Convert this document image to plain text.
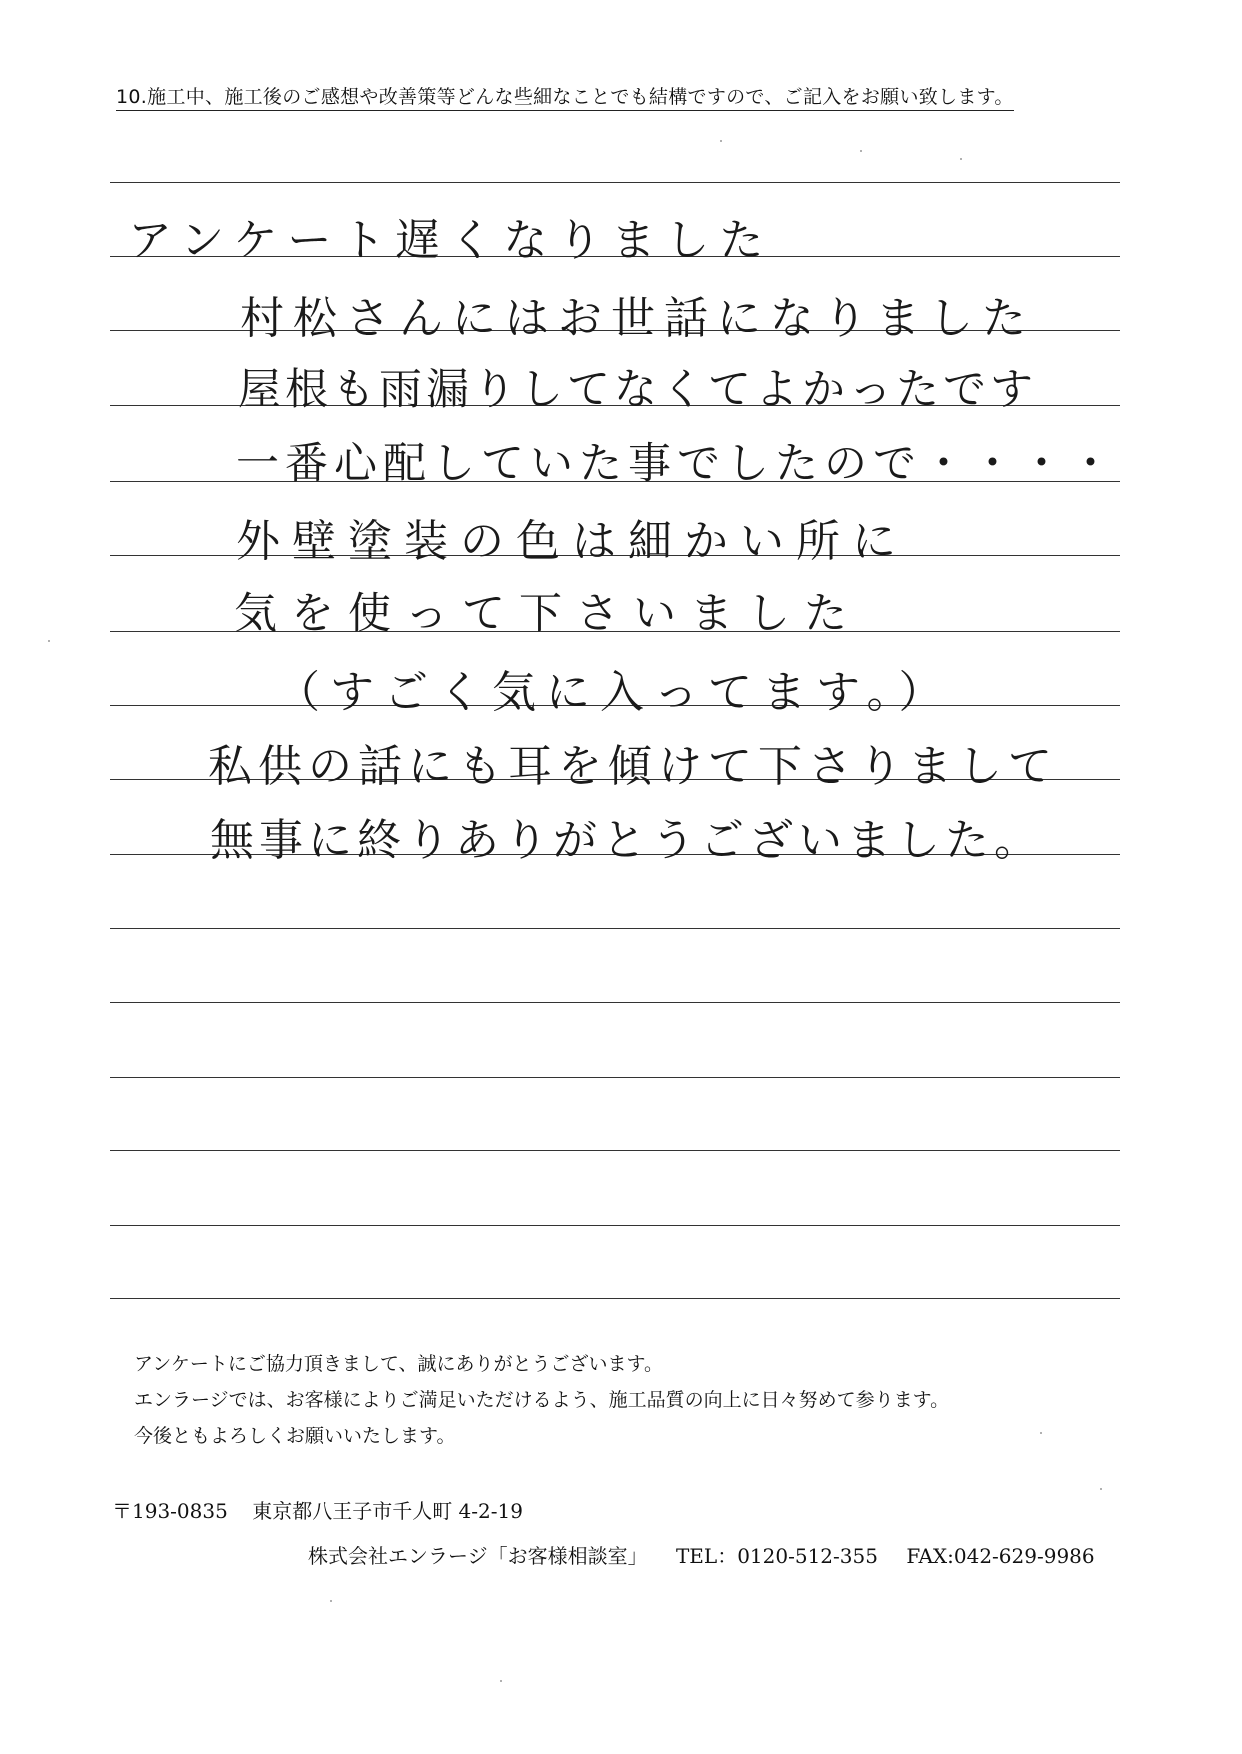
10.施工中、施工後のご感想や改善策等どんな些細なことでも結構ですので、ご記入をお願い致します。
アンケート遅くなりました
村松さんにはお世話になりました
屋根も雨漏りしてなくてよかったです
一番心配していた事でしたので・・・・
外壁塗装の色は細かい所に
気を使って下さいました
（すごく気に入ってます。）
私供の話にも耳を傾けて下さりまして
無事に終りありがとうございました。
アンケートにご協力頂きまして、誠にありがとうございます。
エンラージでは、お客様によりご満足いただけるよう、施工品質の向上に日々努めて参ります。
今後ともよろしくお願いいたします。
〒193-0835 東京都八王子市千人町 4-2-19
株式会社エンラージ「お客様相談室」 TEL：0120-512-355 FAX:042-629-9986
